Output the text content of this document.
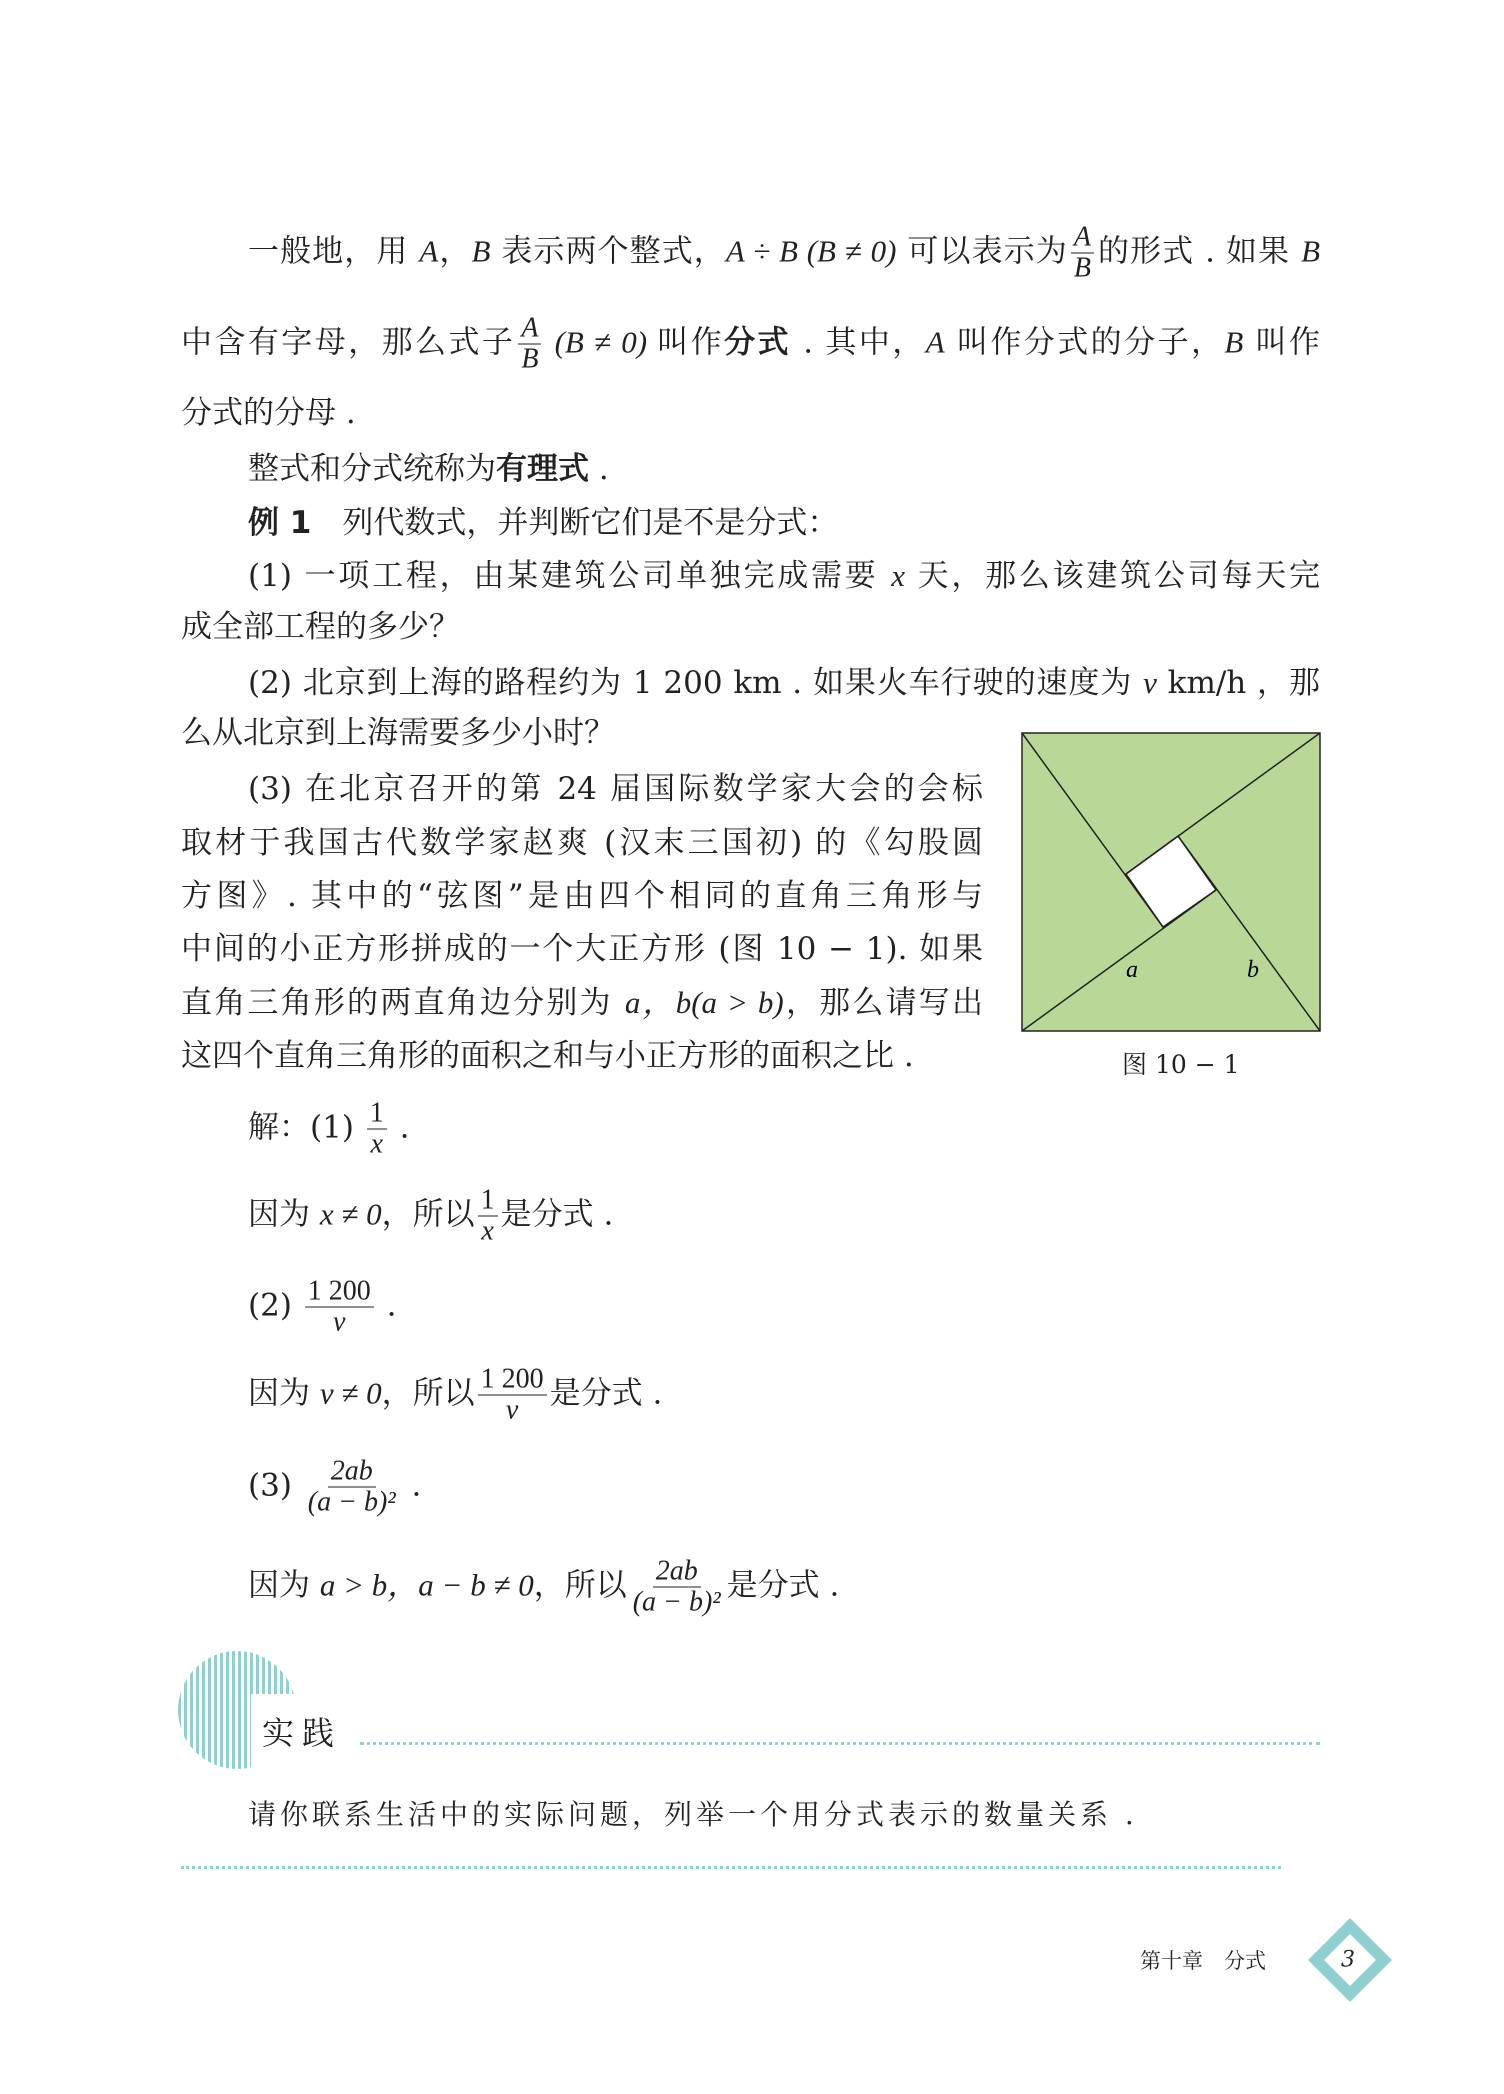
一般地，用 A，B 表示两个整式，A ÷ B (B ≠ 0) 可以表示为 $\frac{A}{B}$ 的形式 . 如果 B
中含有字母，那么式子 $\frac{A}{B} (B \ne 0)$ 叫作分式 . 其中，A 叫作分式的分子，B 叫作
分式的分母 .
整式和分式统称为有理式 .
例 1　列代数式，并判断它们是不是分式：
(1) 一项工程，由某建筑公司单独完成需要 x 天，那么该建筑公司每天完
成全部工程的多少？
(2) 北京到上海的路程约为 1 200 km . 如果火车行驶的速度为 v km/h ，那
么从北京到上海需要多少小时？
(3) 在北京召开的第 24 届国际数学家大会的会标
取材于我国古代数学家赵爽 (汉末三国初) 的《勾股圆
方图》. 其中的“弦图”是由四个相同的直角三角形与
中间的小正方形拼成的一个大正方形 (图 10 − 1). 如果
直角三角形的两直角边分别为 a，b(a > b)，那么请写出
这四个直角三角形的面积之和与小正方形的面积之比 .
a	b
图 10 − 1
解：$(1) \frac{1}{x}$ .
因为 x ≠ 0，所以 $\frac{1}{x}$ 是分式 .
$(2) \frac{1 200}{v}$ .
因为 v ≠ 0，所以 $\frac{1 200}{v}$ 是分式 .
$(3) \frac{2ab}{\text{(a − b)²}}$ .
因为 a > b，a − b ≠ 0，所以 $\frac{2ab}{\text{(a − b)²}}$ 是分式 .
实践
请你联系生活中的实际问题，列举一个用分式表示的数量关系 .
第十章　分式	3
